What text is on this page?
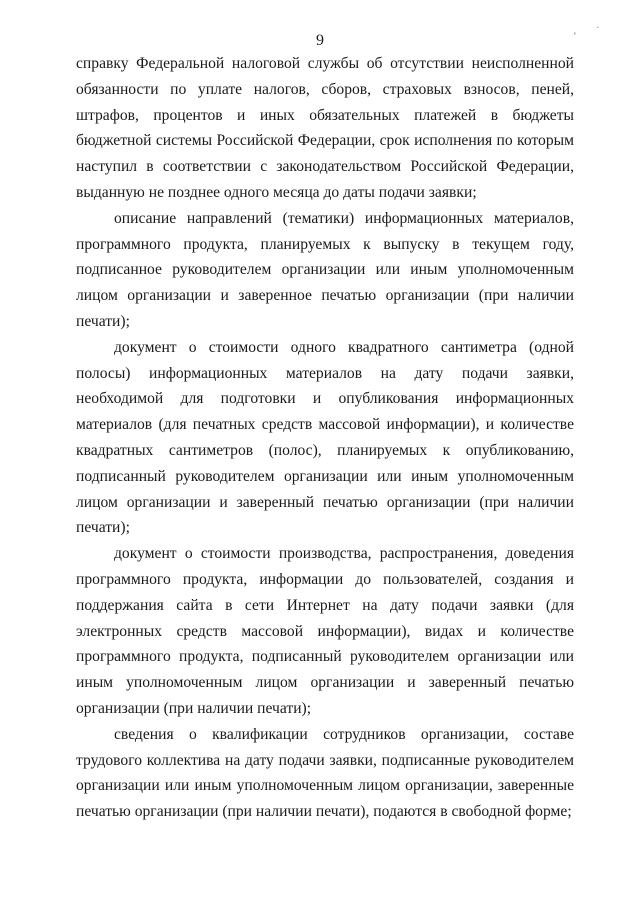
9
·
ʻ

справку Федеральной налоговой службы об отсутствии неисполненной обязанности по уплате налогов, сборов, страховых взносов, пеней, штрафов, процентов и иных обязательных платежей в бюджеты бюджетной системы Российской Федерации, срок исполнения по которым наступил в соответствии с законодательством Российской Федерации, выданную не позднее одного месяца до даты подачи заявки;

описание направлений (тематики) информационных материалов, программного продукта, планируемых к выпуску в текущем году, подписанное руководителем организации или иным уполномоченным лицом организации и заверенное печатью организации (при наличии печати);

документ о стоимости одного квадратного сантиметра (одной полосы) информационных материалов на дату подачи заявки, необходимой для подготовки и опубликования информационных материалов (для печатных средств массовой информации), и количестве квадратных сантиметров (полос), планируемых к опубликованию, подписанный руководителем организации или иным уполномоченным лицом организации и заверенный печатью организации (при наличии печати);

документ о стоимости производства, распространения, доведения программного продукта, информации до пользователей, создания и поддержания сайта в сети Интернет на дату подачи заявки (для электронных средств массовой информации), видах и количестве программного продукта, подписанный руководителем организации или иным уполномоченным лицом организации и заверенный печатью организации (при наличии печати);

сведения о квалификации сотрудников организации, составе трудового коллектива на дату подачи заявки, подписанные руководителем организации или иным уполномоченным лицом организации, заверенные печатью организации (при наличии печати), подаются в свободной форме;
